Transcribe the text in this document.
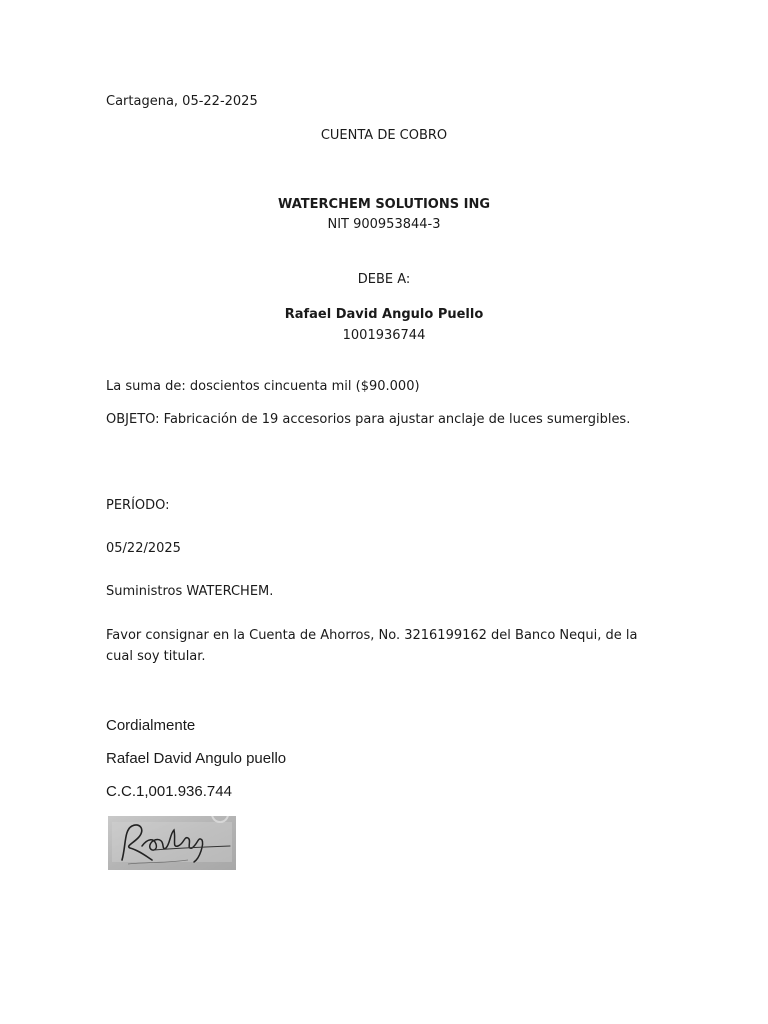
Cartagena, 05-22-2025
CUENTA DE COBRO
WATERCHEM SOLUTIONS ING
NIT 900953844-3
DEBE A:
Rafael David Angulo Puello
1001936744
La suma de: doscientos cincuenta mil ($90.000)
OBJETO: Fabricación de 19 accesorios para ajustar anclaje de luces sumergibles.
PERÍODO:
05/22/2025
Suministros WATERCHEM.
Favor consignar en la Cuenta de Ahorros, No. 3216199162 del Banco Nequi, de la cual soy titular.
Cordialmente
Rafael David Angulo puello
C.C.1,001.936.744
